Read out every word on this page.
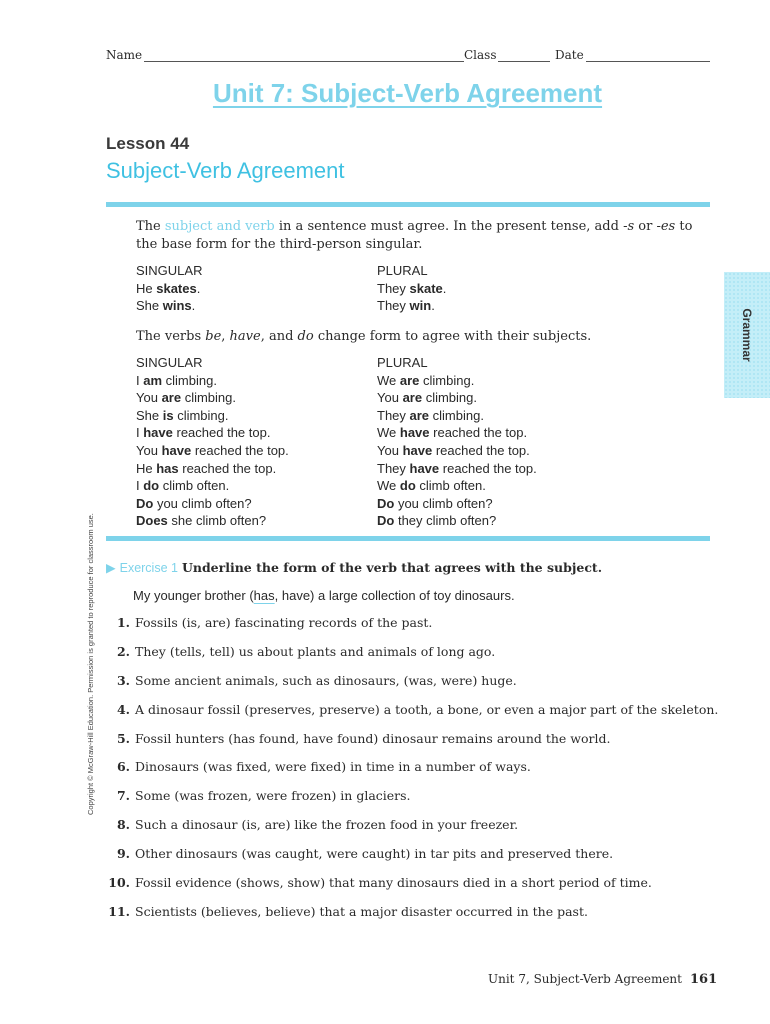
Name	Class	Date
Unit 7: Subject-Verb Agreement
Lesson 44
Subject-Verb Agreement
The subject and verb in a sentence must agree. In the present tense, add -s or -es to the base form for the third-person singular.
SINGULAR
He skates.
She wins.
PLURAL
They skate.
They win.
The verbs be, have, and do change form to agree with their subjects.
SINGULAR
I am climbing.
You are climbing.
She is climbing.
I have reached the top.
You have reached the top.
He has reached the top.
I do climb often.
Do you climb often?
Does she climb often?
PLURAL
We are climbing.
You are climbing.
They are climbing.
We have reached the top.
You have reached the top.
They have reached the top.
We do climb often.
Do you climb often?
Do they climb often?
Grammar
Copyright © McGraw-Hill Education. Permission is granted to reproduce for classroom use. ▶ Exercise 1 Underline the form of the verb that agrees with the subject.
My younger brother (has, have) a large collection of toy dinosaurs.
1. Fossils (is, are) fascinating records of the past.
2. They (tells, tell) us about plants and animals of long ago.
3. Some ancient animals, such as dinosaurs, (was, were) huge.
4. A dinosaur fossil (preserves, preserve) a tooth, a bone, or even a major part of the skeleton.
5. Fossil hunters (has found, have found) dinosaur remains around the world.
6. Dinosaurs (was fixed, were fixed) in time in a number of ways.
7. Some (was frozen, were frozen) in glaciers.
8. Such a dinosaur (is, are) like the frozen food in your freezer.
9. Other dinosaurs (was caught, were caught) in tar pits and preserved there.
10. Fossil evidence (shows, show) that many dinosaurs died in a short period of time.
11. Scientists (believes, believe) that a major disaster occurred in the past.
Unit 7, Subject-Verb Agreement 161
